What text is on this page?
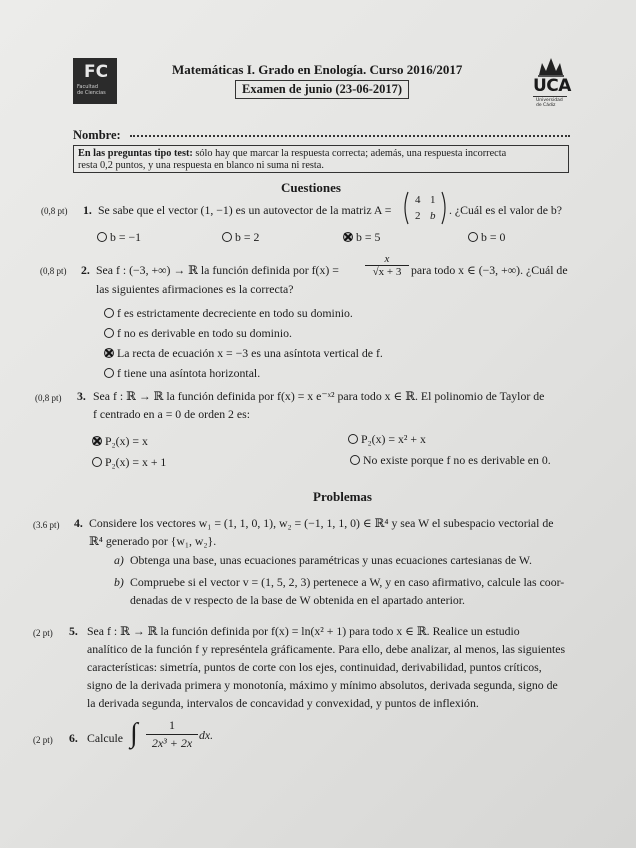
FC
Facultad
de Ciencias
Matemáticas I. Grado en Enología. Curso 2016/2017
Examen de junio (23-06-2017)	UCA
Universidad
de Cádiz
Nombre:
En las preguntas tipo test: sólo hay que marcar la respuesta correcta; además, una respuesta incorrecta
resta 0,2 puntos, y una respuesta en blanco ni suma ni resta.
Cuestiones
(0,8 pt) 1. Se sabe que el vector (1, −1) es un autovector de la matriz A =
4 1
2 b . ¿Cuál es el valor de b?
b = −1	b = 2	b = 5	b = 0
(0,8 pt) 2. Sea f : (−3, +∞) → ℝ la función definida por $f(x) = \frac{x}{√x + 3}$ para todo x ∈ (−3, +∞). ¿Cuál de
las siguientes afirmaciones es la correcta?
f es estrictamente decreciente en todo su dominio.
f no es derivable en todo su dominio.
La recta de ecuación x = −3 es una asíntota vertical de f.
f tiene una asíntota horizontal.
(0,8 pt) 3. Sea f : ℝ → ℝ la función definida por f(x) = x e⁻ˣ² para todo x ∈ ℝ. El polinomio de Taylor de
f centrado en a = 0 de orden 2 es:
P₂(x) = x	P₂(x) = x² + x
P₂(x) = x + 1	No existe porque f no es derivable en 0.
Problemas
(3.6 pt) 4. Considere los vectores w₁ = (1, 1, 0, 1), w₂ = (−1, 1, 1, 0) ∈ ℝ⁴ y sea W el subespacio vectorial de
ℝ⁴ generado por {w₁, w₂}.
a) Obtenga una base, unas ecuaciones paramétricas y unas ecuaciones cartesianas de W.
b) Compruebe si el vector v = (1, 5, 2, 3) pertenece a W, y en caso afirmativo, calcule las coor-
denadas de v respecto de la base de W obtenida en el apartado anterior.
(2 pt) 5. Sea f : ℝ → ℝ la función definida por f(x) = ln(x² + 1) para todo x ∈ ℝ. Realice un estudio
analítico de la función f y represéntela gráficamente. Para ello, debe analizar, al menos, las siguientes
características: simetría, puntos de corte con los ejes, continuidad, derivabilidad, puntos críticos,
signo de la derivada primera y monotonía, máximo y mínimo absolutos, derivada segunda, signo de
la derivada segunda, intervalos de concavidad y convexidad, y puntos de inflexión.
(2 pt) 6. Calcule ∫	1
2x³ + 2x
dx.
